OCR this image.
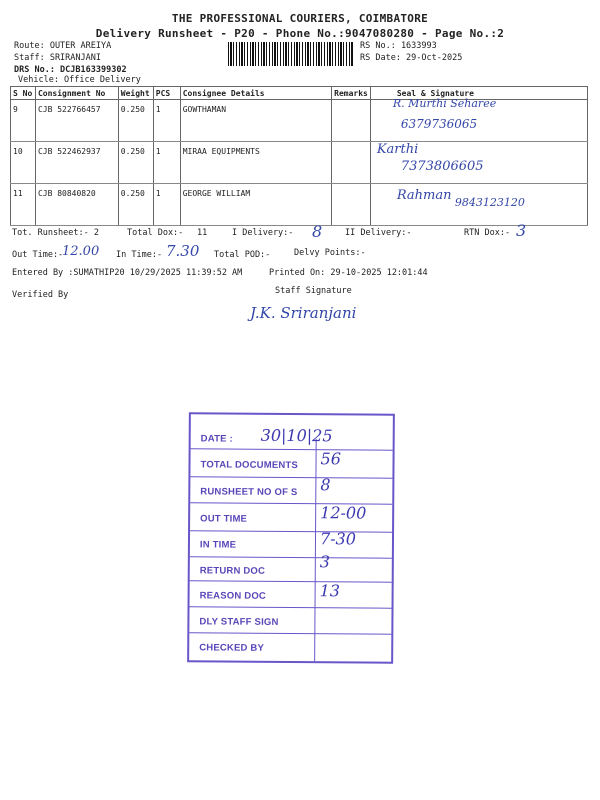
THE PROFESSIONAL COURIERS, COIMBATORE
Delivery Runsheet - P20 - Phone No.:9047080280 - Page No.:2
Route: OUTER AREIYA
Staff: SRIRANJANI
DRS No.: DCJB163399302
Vehicle: Office Delivery
RS No.: 1633993
RS Date: 29-Oct-2025
S No	Consignment No	Weight	PCS	Consignee Details	Remarks	Seal & Signature
9	CJB 522766457	0.250	1	GOWTHAMAN		R. Murthi Seharee
6379736065

10	CJB 522462937	0.250	1	MIRAA EQUIPMENTS		Karthi
7373806605

11	CJB 80840820	0.250	1	GEORGE WILLIAM		Rahman 9843123120
Tot. Runsheet:- 2	Total Dox:- 11	I Delivery:- 8	II Delivery:-	RTN Dox:- 3
Out Time:-
12.00 In Time:- 7.30 Total POD:-	Delvy Points:-
Entered By :SUMATHIP20 10/29/2025 11:39:52 AM	Printed On: 29-10-2025 12:01:44
Verified By	Staff Signature
J.K. Sriranjani
DATE : 30|10|25
TOTAL DOCUMENTS 56
RUNSHEET NO OF S 8
OUT TIME	12-00
IN TIME	7-30
RETURN DOC	3
REASON DOC	13
DLY STAFF SIGN
CHECKED BY
